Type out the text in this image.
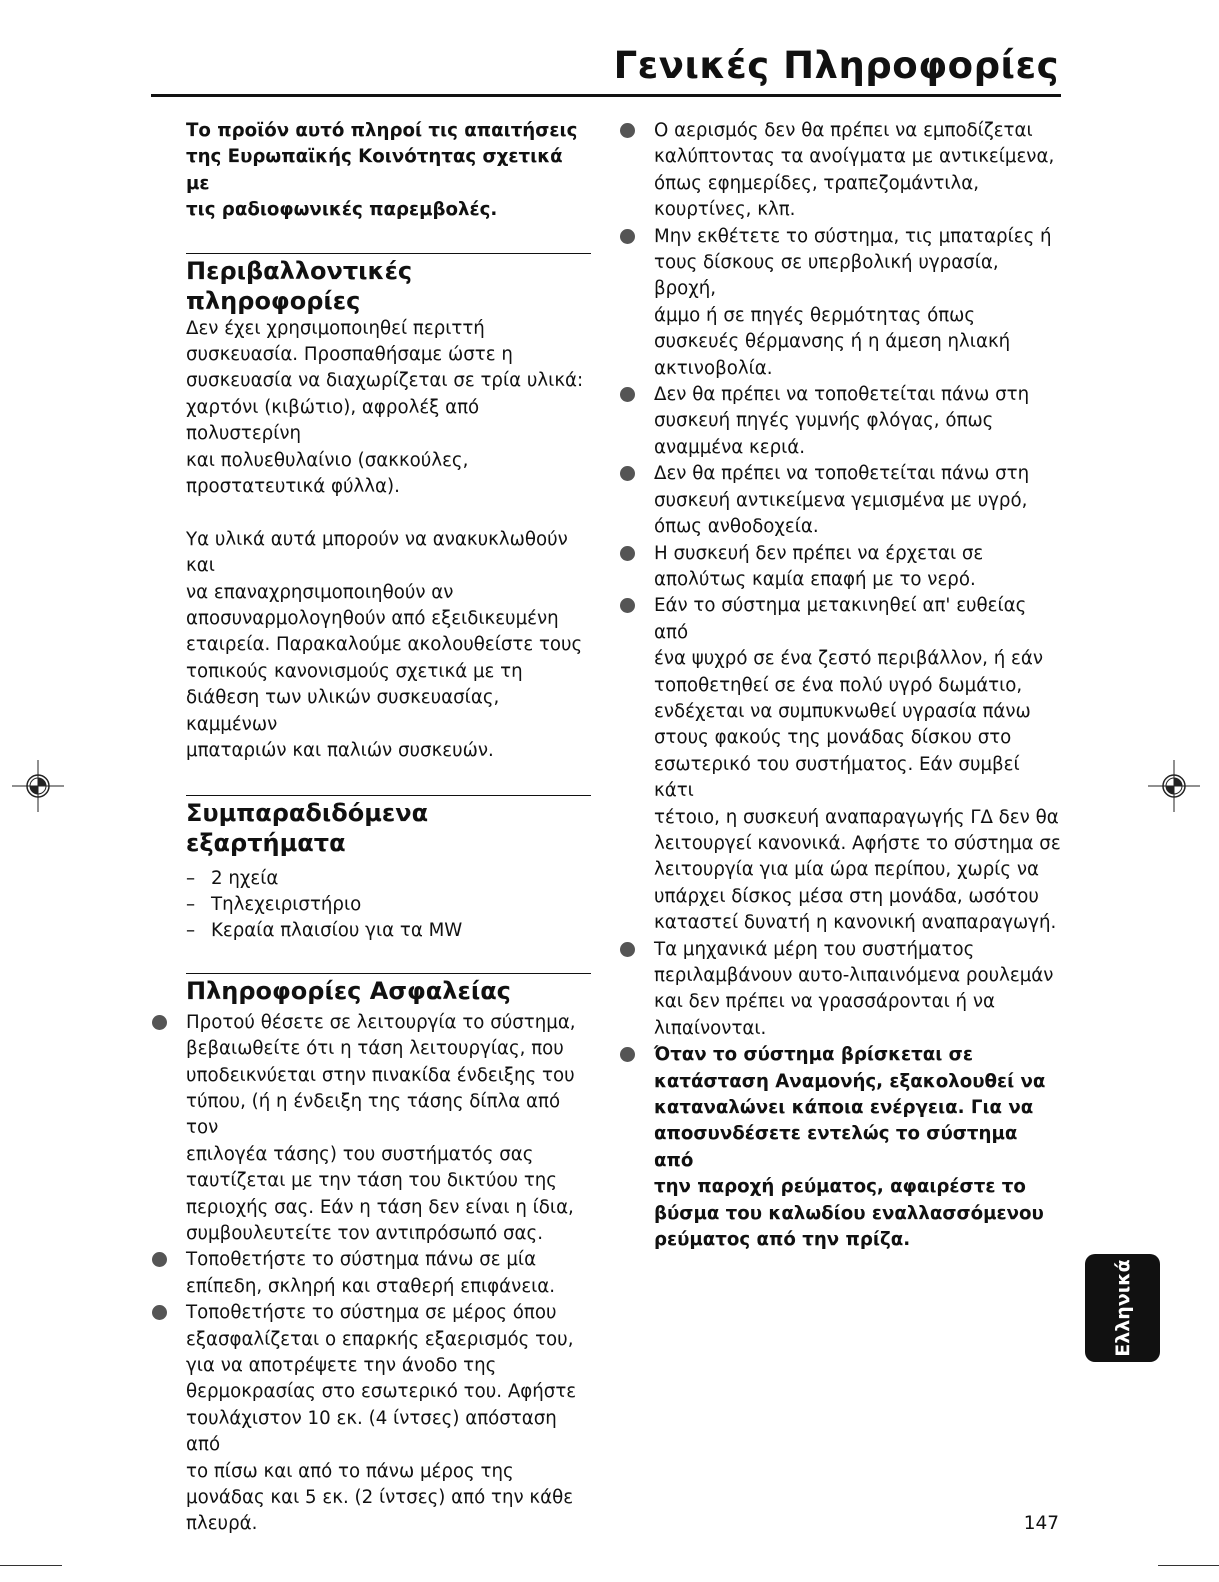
Γενικές Πληροφορίες

Το προϊόν αυτό πληροί τις απαιτήσεις
της Ευρωπαϊκής Κοινότητας σχετικά με
τις ραδιοφωνικές παρεμβολές.

Περιβαλλοντικές πληροφορίες

Δεν έχει χρησιμοποιηθεί περιττή
συσκευασία. Προσπαθήσαμε ώστε η
συσκευασία να διαχωρίζεται σε τρία υλικά:
χαρτόνι (κιβώτιο), αφρολέξ από πολυστερίνη
και πολυεθυλαίνιο (σακκούλες,
προστατευτικά φύλλα).

Υα υλικά αυτά μπορούν να ανακυκλωθούν και
να επαναχρησιμοποιηθούν αν
αποσυναρμολογηθούν από εξειδικευμένη
εταιρεία. Παρακαλούμε ακολουθείστε τους
τοπικούς κανονισμούς σχετικά με τη
διάθεση των υλικών συσκευασίας, καμμένων
μπαταριών και παλιών συσκευών.

Συμπαραδιδόμενα εξαρτήματα
– 2 ηχεία
– Τηλεχειριστήριο
– Κεραία πλαισίου για τα MW
Πληροφορίες Ασφαλείας
Προτού θέσετε σε λειτουργία το σύστημα,
βεβαιωθείτε ότι η τάση λειτουργίας, που
υποδεικνύεται στην πινακίδα ένδειξης του
τύπου, (ή η ένδειξη της τάσης δίπλα από τον
επιλογέα τάσης) του συστήματός σας
ταυτίζεται με την τάση του δικτύου της
περιοχής σας. Εάν η τάση δεν είναι η ίδια,
συμβουλευτείτε τον αντιπρόσωπό σας.
Τοποθετήστε το σύστημα πάνω σε μία
επίπεδη, σκληρή και σταθερή επιφάνεια.
Τοποθετήστε το σύστημα σε μέρος όπου
εξασφαλίζεται ο επαρκής εξαερισμός του,
για να αποτρέψετε την άνοδο της
θερμοκρασίας στο εσωτερικό του. Αφήστε
τουλάχιστον 10 εκ. (4 ίντσες) απόσταση από
το πίσω και από το πάνω μέρος της
μονάδας και 5 εκ. (2 ίντσες) από την κάθε
πλευρά.
Ο αερισμός δεν θα πρέπει να εμποδίζεται
καλύπτοντας τα ανοίγματα με αντικείμενα,
όπως εφημερίδες, τραπεζομάντιλα,
κουρτίνες, κλπ.
Μην εκθέτετε το σύστημα, τις μπαταρίες ή
τους δίσκους σε υπερβολική υγρασία, βροχή,
άμμο ή σε πηγές θερμότητας όπως
συσκευές θέρμανσης ή η άμεση ηλιακή
ακτινοβολία.
Δεν θα πρέπει να τοποθετείται πάνω στη
συσκευή πηγές γυμνής φλόγας, όπως
αναμμένα κεριά.
Δεν θα πρέπει να τοποθετείται πάνω στη
συσκευή αντικείμενα γεμισμένα με υγρό,
όπως ανθοδοχεία.
Η συσκευή δεν πρέπει να έρχεται σε
απολύτως καμία επαφή με το νερό.
Εάν το σύστημα μετακινηθεί απ' ευθείας από
ένα ψυχρό σε ένα ζεστό περιβάλλον, ή εάν
τοποθετηθεί σε ένα πολύ υγρό δωμάτιο,
ενδέχεται να συμπυκνωθεί υγρασία πάνω
στους φακούς της μονάδας δίσκου στο
εσωτερικό του συστήματος. Εάν συμβεί κάτι
τέτοιο, η συσκευή αναπαραγωγής ΓΔ δεν θα
λειτουργεί κανονικά. Αφήστε το σύστημα σε
λειτουργία για μία ώρα περίπου, χωρίς να
υπάρχει δίσκος μέσα στη μονάδα, ωσότου
καταστεί δυνατή η κανονική αναπαραγωγή.
Τα μηχανικά μέρη του συστήματος
περιλαμβάνουν αυτο-λιπαινόμενα ρουλεμάν
και δεν πρέπει να γρασσάρονται ή να
λιπαίνονται.
Όταν το σύστημα βρίσκεται σε
κατάσταση Αναμονής, εξακολουθεί να
καταναλώνει κάποια ενέργεια. Για να
αποσυνδέσετε εντελώς το σύστημα από
την παροχή ρεύματος, αφαιρέστε το
βύσμα του καλωδίου εναλλασσόμενου
ρεύματος από την πρίζα.
Ελληνικά
147
